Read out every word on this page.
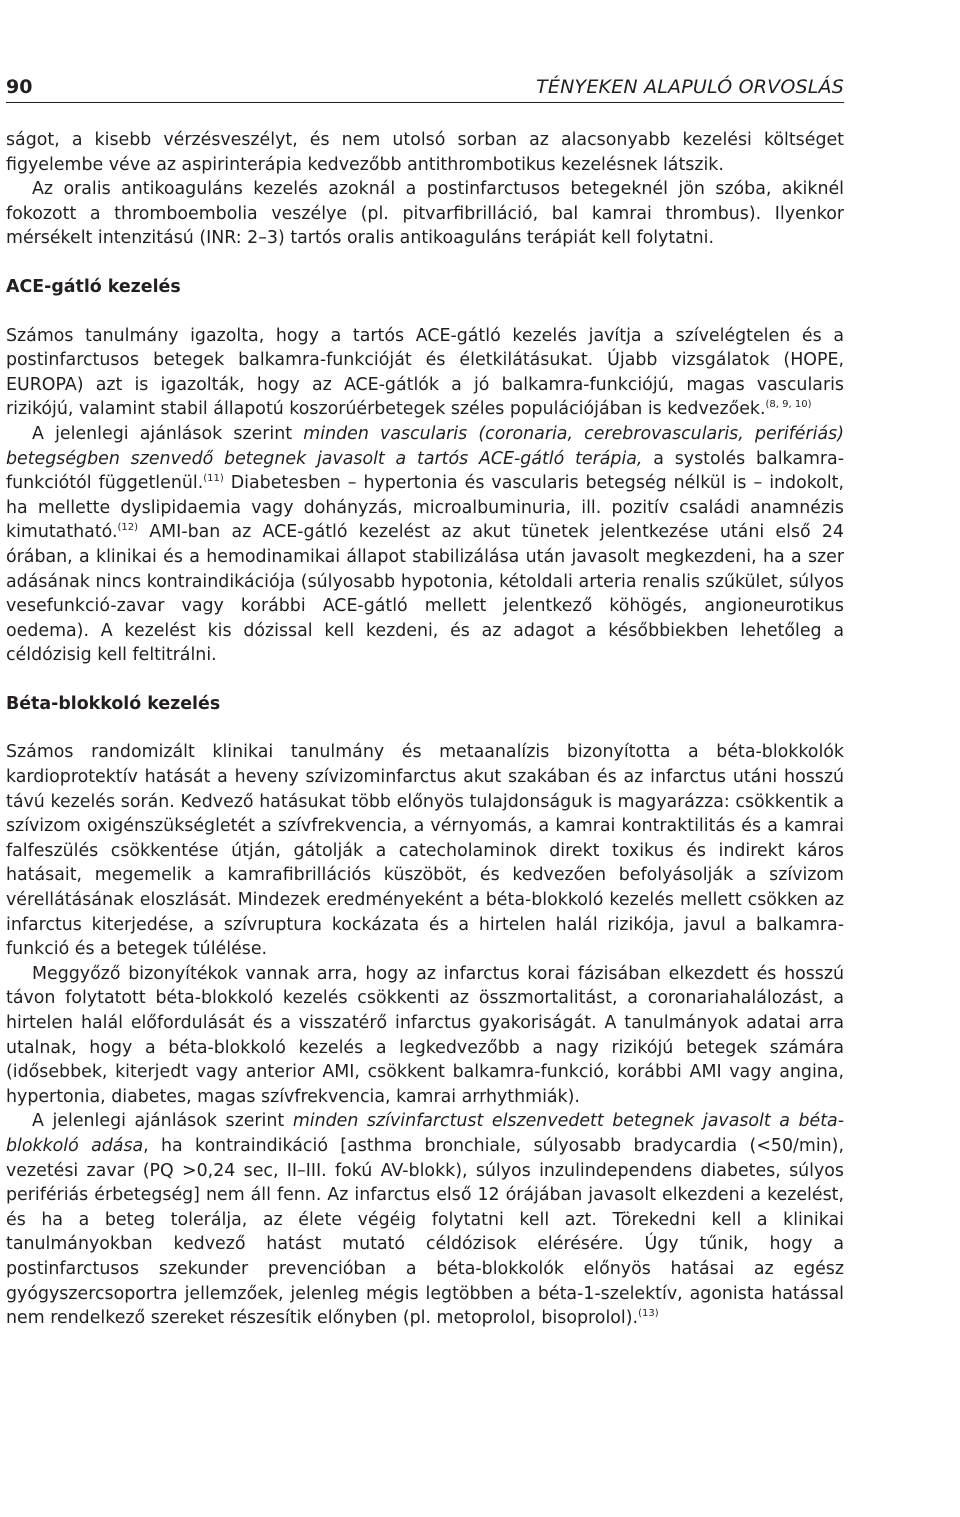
90	TÉNYEKEN ALAPULÓ ORVOSLÁS

ságot, a kisebb vérzésveszélyt, és nem utolsó sorban az alacsonyabb kezelési költséget figyelembe véve az aspirinterápia kedvezőbb antithrombotikus kezelésnek látszik.

Az oralis antikoaguláns kezelés azoknál a postinfarctusos betegeknél jön szóba, akiknél fokozott a thromboembolia veszélye (pl. pitvarfibrilláció, bal kamrai thrombus). Ilyenkor mérsékelt intenzitású (INR: 2–3) tartós oralis antikoaguláns terápiát kell folytatni.

ACE-gátló kezelés

Számos tanulmány igazolta, hogy a tartós ACE-gátló kezelés javítja a szívelégtelen és a postinfarctusos betegek balkamra-funkcióját és életkilátásukat. Újabb vizsgálatok (HOPE, EUROPA) azt is igazolták, hogy az ACE-gátlók a jó balkamra-funkciójú, magas vascularis rizikójú, valamint stabil állapotú koszorúérbetegek széles populációjában is kedvezőek.$^{(8, 9, 10)}$

A jelenlegi ajánlások szerint minden vascularis (coronaria, cerebrovascularis, perifériás) betegségben szenvedő betegnek javasolt a tartós ACE-gátló terápia, a systolés balkamra-funkciótól függetlenül.$^{(11)}$ Diabetesben – hypertonia és vascularis betegség nélkül is – indokolt, ha mellette dyslipidaemia vagy dohányzás, microalbuminuria, ill. pozitív családi anamnézis kimutatható.$^{(12)}$ AMI-ban az ACE-gátló kezelést az akut tünetek jelentkezése utáni első 24 órában, a klinikai és a hemodinamikai állapot stabilizálása után javasolt megkezdeni, ha a szer adásának nincs kontraindikációja (súlyosabb hypotonia, kétoldali arteria renalis szűkület, súlyos vesefunkció-zavar vagy korábbi ACE-gátló mellett jelentkező köhögés, angioneurotikus oedema). A kezelést kis dózissal kell kezdeni, és az adagot a későbbiekben lehetőleg a céldózisig kell feltitrálni.

Béta-blokkoló kezelés

Számos randomizált klinikai tanulmány és metaanalízis bizonyította a béta-blokkolók kardioprotektív hatását a heveny szívizominfarctus akut szakában és az infarctus utáni hosszú távú kezelés során. Kedvező hatásukat több előnyös tulajdonságuk is magyarázza: csökkentik a szívizom oxigénszükségletét a szívfrekvencia, a vérnyomás, a kamrai kontraktilitás és a kamrai falfeszülés csökkentése útján, gátolják a catecholaminok direkt toxikus és indirekt káros hatásait, megemelik a kamrafibrillációs küszöböt, és kedvezően befolyásolják a szívizom vérellátásának eloszlását. Mindezek eredményeként a béta-blokkoló kezelés mellett csökken az infarctus kiterjedése, a szívruptura kockázata és a hirtelen halál rizikója, javul a balkamra-funkció és a betegek túlélése.

Meggyőző bizonyítékok vannak arra, hogy az infarctus korai fázisában elkezdett és hosszú távon folytatott béta-blokkoló kezelés csökkenti az összmortalitást, a coronariahalálozást, a hirtelen halál előfordulását és a visszatérő infarctus gyakoriságát. A tanulmányok adatai arra utalnak, hogy a béta-blokkoló kezelés a legkedvezőbb a nagy rizikójú betegek számára (idősebbek, kiterjedt vagy anterior AMI, csökkent balkamra-funkció, korábbi AMI vagy angina, hypertonia, diabetes, magas szívfrekvencia, kamrai arrhythmiák).

A jelenlegi ajánlások szerint minden szívinfarctust elszenvedett betegnek javasolt a béta-blokkoló adása, ha kontraindikáció [asthma bronchiale, súlyosabb bradycardia (<50/min), vezetési zavar (PQ >0,24 sec, II–III. fokú AV-blokk), súlyos inzulindependens diabetes, súlyos perifériás érbetegség] nem áll fenn. Az infarctus első 12 órájában javasolt elkezdeni a kezelést, és ha a beteg tolerálja, az élete végéig folytatni kell azt. Törekedni kell a klinikai tanulmányokban kedvező hatást mutató céldózisok elérésére. Úgy tűnik, hogy a postinfarctusos szekunder prevencióban a béta-blokkolók előnyös hatásai az egész gyógyszercsoportra jellemzőek, jelenleg mégis legtöbben a béta-1-szelektív, agonista hatással nem rendelkező szereket részesítik előnyben (pl. metoprolol, bisoprolol).$^{(13)}$
